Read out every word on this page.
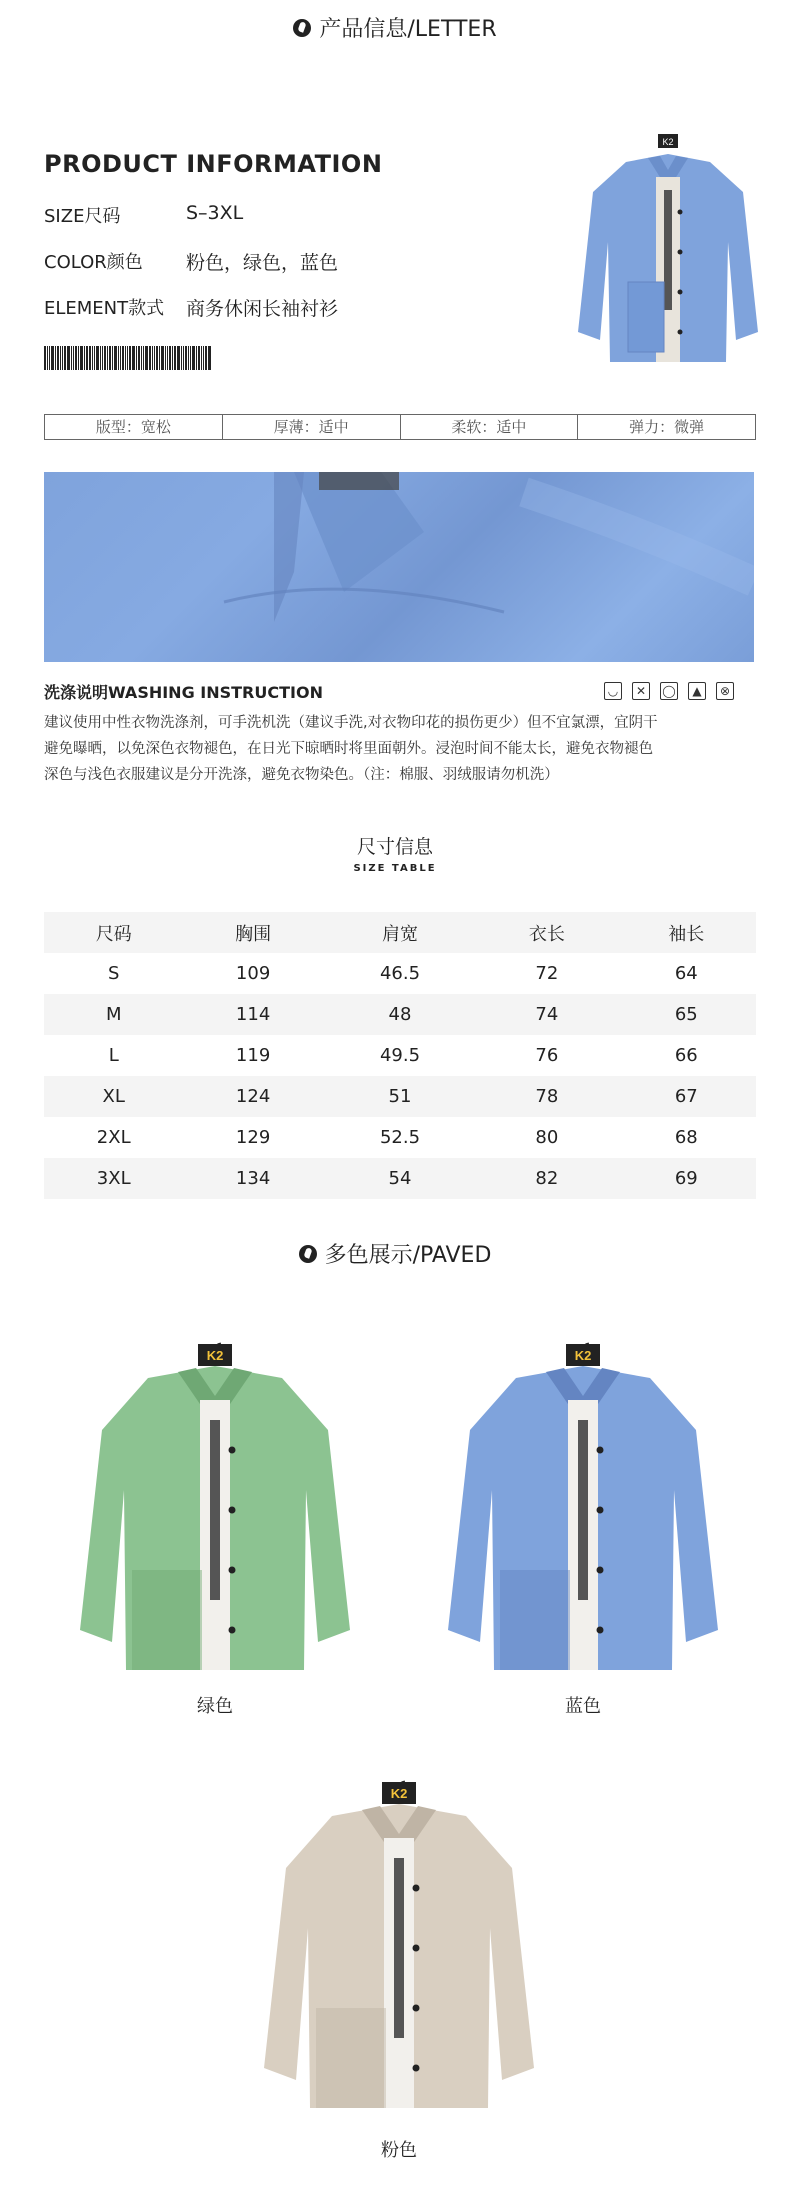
产品信息/LETTER
PRODUCT INFORMATION
SIZE尺码	S–3XL
COLOR颜色	粉色，绿色，蓝色
ELEMENT款式	商务休闲长袖衬衫
K2
版型：宽松	厚薄：适中	柔软：适中	弹力：微弹
洗涤说明WASHING INSTRUCTION	◡	✕	◯	▲	⊗
建议使用中性衣物洗涤剂，可手洗机洗（建议手洗,对衣物印花的损伤更少）但不宜氯漂，宜阴干
避免曝晒，以免深色衣物褪色，在日光下晾晒时将里面朝外。浸泡时间不能太长，避免衣物褪色
深色与浅色衣服建议是分开洗涤，避免衣物染色。（注：棉服、羽绒服请勿机洗）
尺寸信息
SIZE TABLE
尺码	胸围	肩宽	衣长	袖长
S	109	46.5	72	64
M	114	48	74	65
L	119	49.5	76	66
XL	124	51	78	67
2XL	129	52.5	80	68
3XL	134	54	82	69
多色展示/PAVED
K2
绿色
K2
蓝色
K2
粉色
